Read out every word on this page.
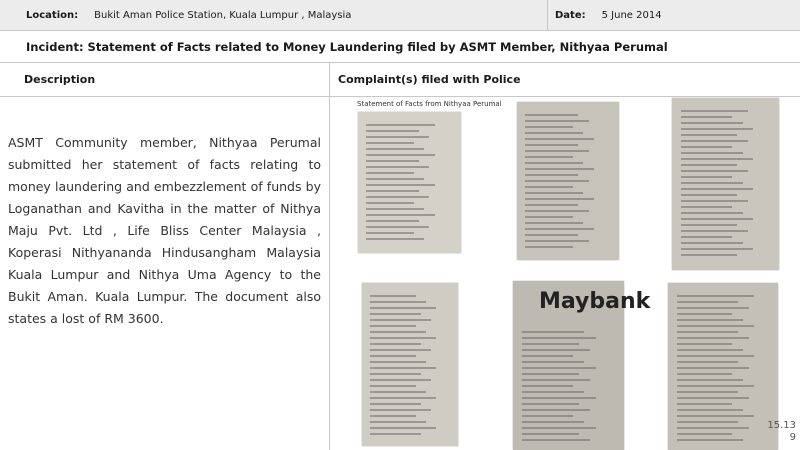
Location: Bukit Aman Police Station, Kuala Lumpur , Malaysia	Date: 5 June 2014
Incident: Statement of Facts related to Money Laundering filed by ASMT Member, Nithyaa Perumal
Description	Complaint(s) filed with Police
ASMT Community member, Nithyaa Perumal submitted her statement of facts relating to money laundering and embezzlement of funds by Loganathan and Kavitha in the matter of Nithya Maju Pvt. Ltd , Life Bliss Center Malaysia , Koperasi Nithyananda Hindusangham Malaysia Kuala Lumpur and Nithya Uma Agency to the Bukit Aman. Kuala Lumpur. The document also states a lost of RM 3600.
Statement of Facts from Nithyaa Perumal
Maybank
15.13
9
